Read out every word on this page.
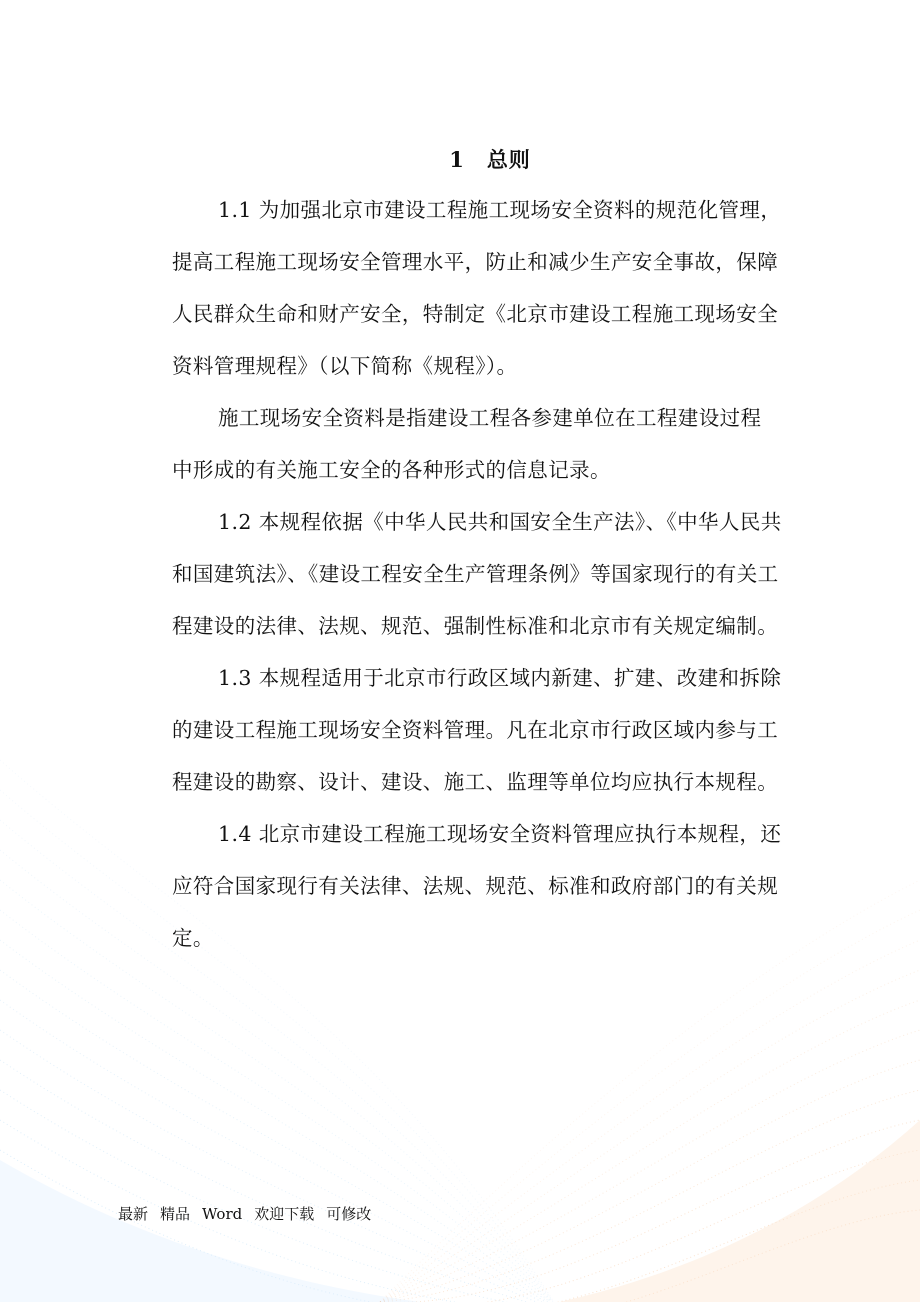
1 总则
1.1 为加强北京市建设工程施工现场安全资料的规范化管理，
提高工程施工现场安全管理水平，防止和减少生产安全事故，保障
人民群众生命和财产安全，特制定《北京市建设工程施工现场安全
资料管理规程》（以下简称《规程》）。
施工现场安全资料是指建设工程各参建单位在工程建设过程
中形成的有关施工安全的各种形式的信息记录。
1.2 本规程依据《中华人民共和国安全生产法》、《中华人民共
和国建筑法》、《建设工程安全生产管理条例》等国家现行的有关工
程建设的法律、法规、规范、强制性标准和北京市有关规定编制。
1.3 本规程适用于北京市行政区域内新建、扩建、改建和拆除
的建设工程施工现场安全资料管理。凡在北京市行政区域内参与工
程建设的勘察、设计、建设、施工、监理等单位均应执行本规程。
1.4 北京市建设工程施工现场安全资料管理应执行本规程，还
应符合国家现行有关法律、法规、规范、标准和政府部门的有关规
定。
最新 精品 Word 欢迎下载 可修改
